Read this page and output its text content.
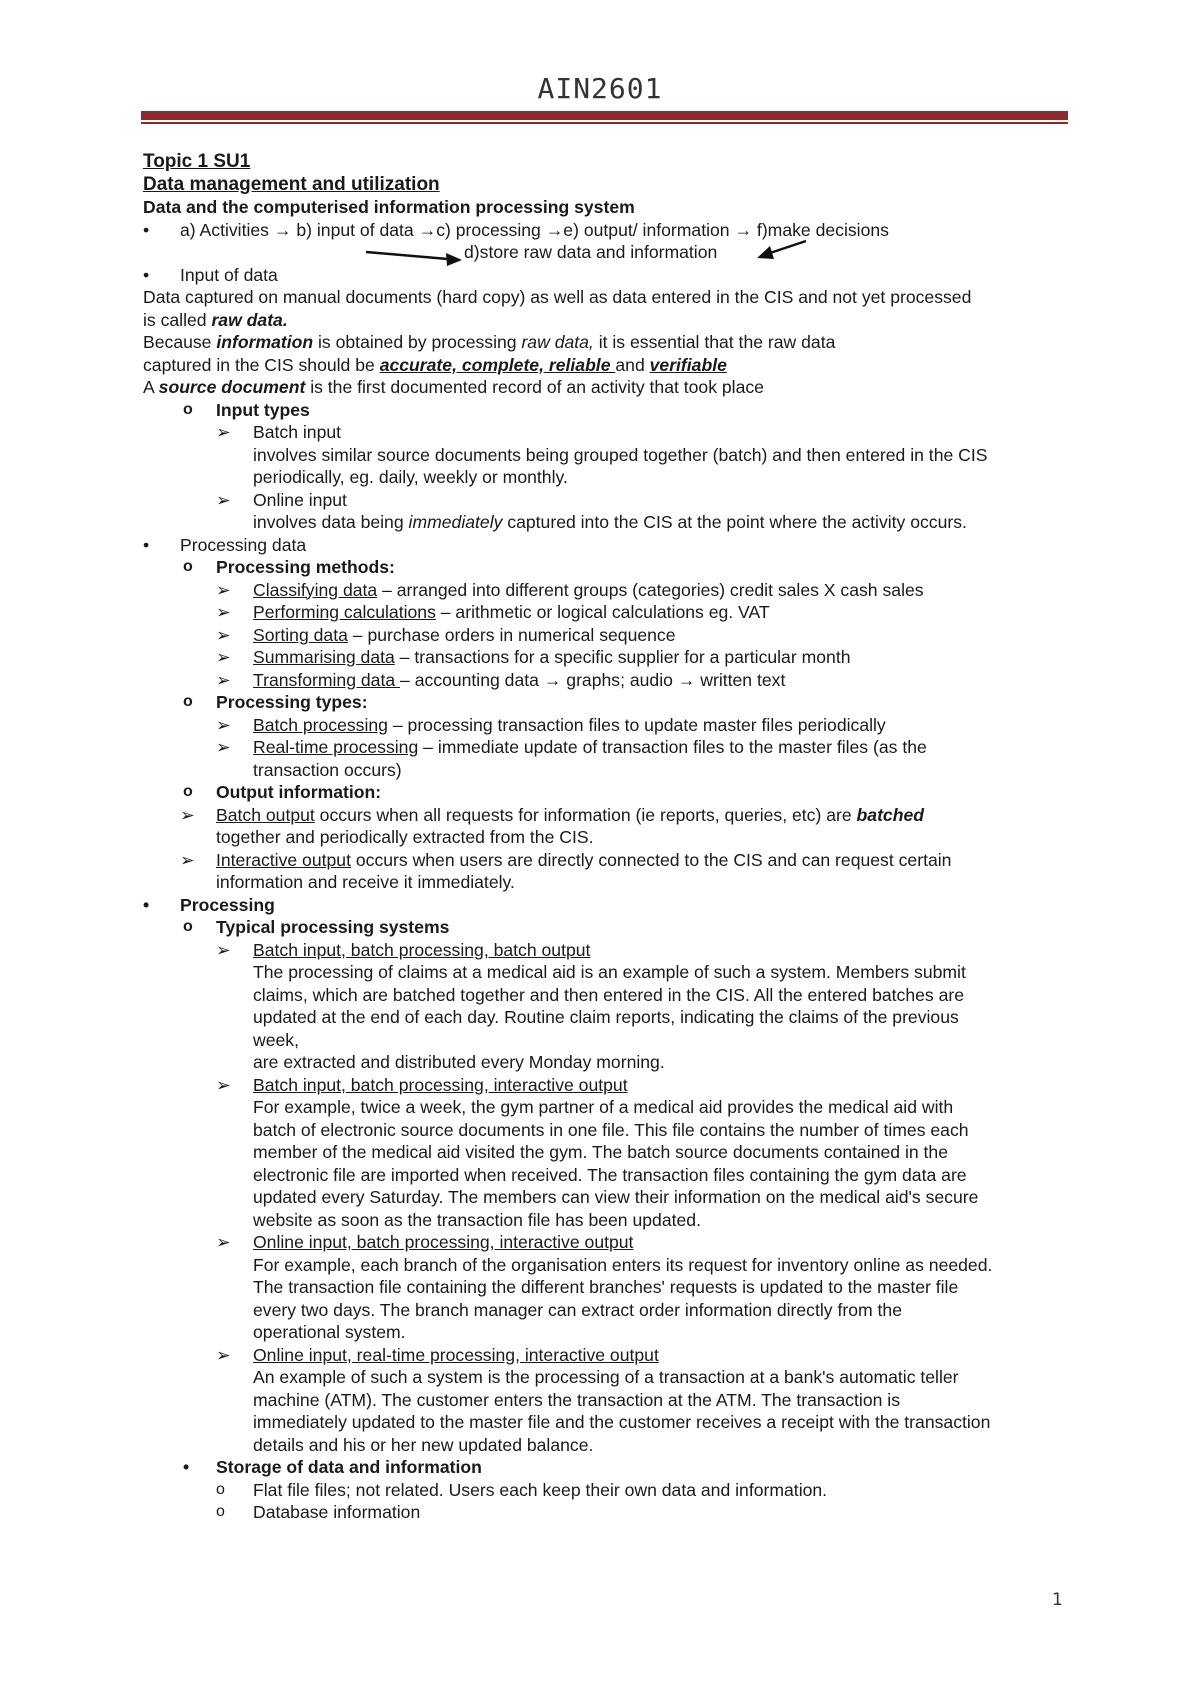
AIN2601
Topic 1 SU1
Data management and utilization
Data and the computerised information processing system
• a) Activities → b) input of data →c) processing →e) output/ information → f)make decisions
d)store raw data and information
• Input of data
Data captured on manual documents (hard copy) as well as data entered in the CIS and not yet processed
is called raw data.
Because information is obtained by processing raw data, it is essential that the raw data
captured in the CIS should be accurate, complete, reliable and verifiable
A source document is the first documented record of an activity that took place
o Input types
➢ Batch input
involves similar source documents being grouped together (batch) and then entered in the CIS
periodically, eg. daily, weekly or monthly.
➢ Online input
involves data being immediately captured into the CIS at the point where the activity occurs.
• Processing data
o Processing methods:
➢ Classifying data – arranged into different groups (categories) credit sales X cash sales
➢ Performing calculations – arithmetic or logical calculations eg. VAT
➢ Sorting data – purchase orders in numerical sequence
➢ Summarising data – transactions for a specific supplier for a particular month
➢ Transforming data – accounting data → graphs; audio → written text
o Processing types:
➢ Batch processing – processing transaction files to update master files periodically
➢ Real-time processing – immediate update of transaction files to the master files (as the
transaction occurs)
o Output information:
➢ Batch output occurs when all requests for information (ie reports, queries, etc) are batched
together and periodically extracted from the CIS.
➢ Interactive output occurs when users are directly connected to the CIS and can request certain
information and receive it immediately.
• Processing
o Typical processing systems
➢ Batch input, batch processing, batch output
The processing of claims at a medical aid is an example of such a system. Members submit
claims, which are batched together and then entered in the CIS. All the entered batches are
updated at the end of each day. Routine claim reports, indicating the claims of the previous
week,
are extracted and distributed every Monday morning.
➢ Batch input, batch processing, interactive output
For example, twice a week, the gym partner of a medical aid provides the medical aid with
batch of electronic source documents in one file. This file contains the number of times each
member of the medical aid visited the gym. The batch source documents contained in the
electronic file are imported when received. The transaction files containing the gym data are
updated every Saturday. The members can view their information on the medical aid's secure
website as soon as the transaction file has been updated.
➢ Online input, batch processing, interactive output
For example, each branch of the organisation enters its request for inventory online as needed.
The transaction file containing the different branches' requests is updated to the master file
every two days. The branch manager can extract order information directly from the
operational system.
➢ Online input, real-time processing, interactive output
An example of such a system is the processing of a transaction at a bank's automatic teller
machine (ATM). The customer enters the transaction at the ATM. The transaction is
immediately updated to the master file and the customer receives a receipt with the transaction
details and his or her new updated balance.
• Storage of data and information
o Flat file files; not related. Users each keep their own data and information.
o Database information
1
